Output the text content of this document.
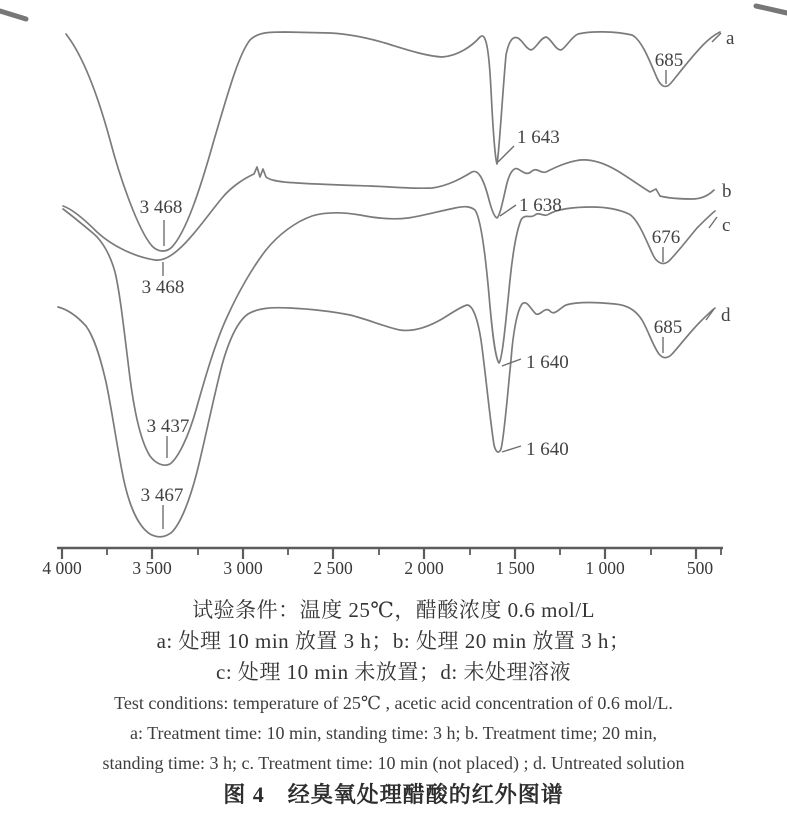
3 468
3 468
3 437
3 467
1 643
1 638
1 640
1 640
685
676
685
a
b
c
d
4 000	3 500	3 000	2 500	2 000	1 500	1 000	500
试验条件：温度 25℃，醋酸浓度 0.6 mol/L
a: 处理 10 min 放置 3 h；b: 处理 20 min 放置 3 h；
c: 处理 10 min 未放置；d: 未处理溶液
Test conditions: temperature of 25℃ , acetic acid concentration of 0.6 mol/L.
a: Treatment time: 10 min, standing time: 3 h; b. Treatment time; 20 min,
standing time: 3 h; c. Treatment time: 10 min (not placed) ; d. Untreated solution
图 4　经臭氧处理醋酸的红外图谱
